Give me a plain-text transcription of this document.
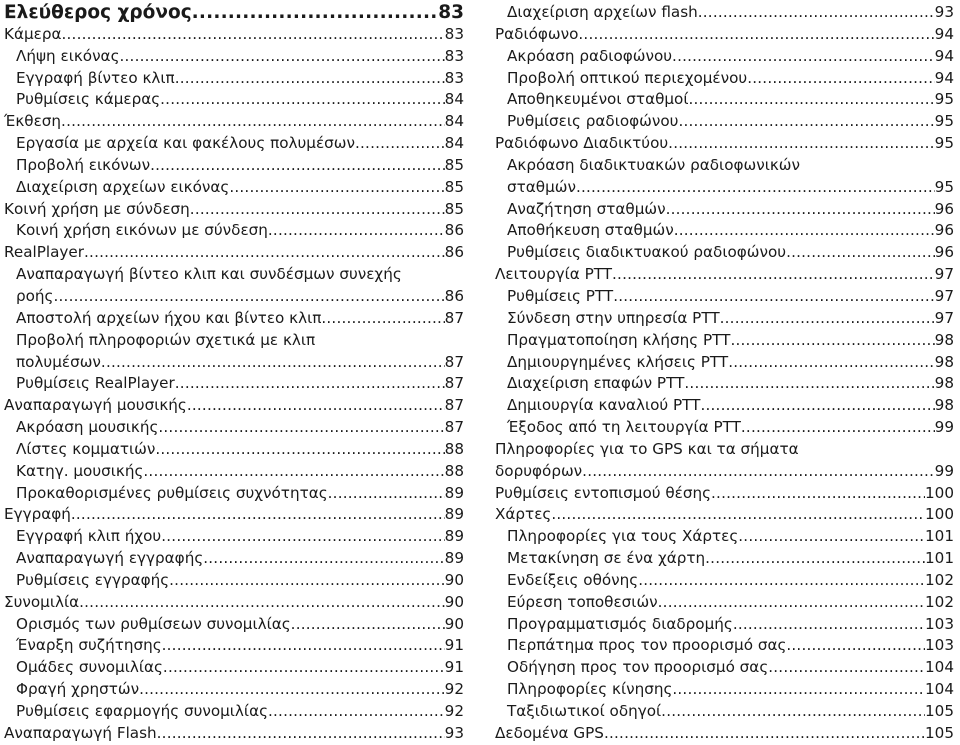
Ελεύθερος χρόνος .....	83
Κάμερα .....	83
Λήψη εικόνας .....	83
Εγγραφή βίντεο κλιπ .....	83
Ρυθμίσεις κάμερας .....	84
Έκθεση .....	84
Εργασία με αρχεία και φακέλους πολυμέσων .....	84
Προβολή εικόνων .....	85
Διαχείριση αρχείων εικόνας .....	85
Κοινή χρήση με σύνδεση .....	85
Κοινή χρήση εικόνων με σύνδεση .....	86
RealPlayer .....	86
Αναπαραγωγή βίντεο κλιπ και συνδέσμων συνεχής
ροής .....	86
Αποστολή αρχείων ήχου και βίντεο κλιπ .....	87
Προβολή πληροφοριών σχετικά με κλιπ
πολυμέσων .....	87
Ρυθμίσεις RealPlayer .....	87
Αναπαραγωγή μουσικής .....	87
Ακρόαση μουσικής .....	87
Λίστες κομματιών .....	88
Κατηγ. μουσικής .....	88
Προκαθορισμένες ρυθμίσεις συχνότητας .....	89
Εγγραφή .....	89
Εγγραφή κλιπ ήχου .....	89
Αναπαραγωγή εγγραφής .....	89
Ρυθμίσεις εγγραφής .....	90
Συνομιλία .....	90
Ορισμός των ρυθμίσεων συνομιλίας .....	90
Έναρξη συζήτησης .....	91
Ομάδες συνομιλίας .....	91
Φραγή χρηστών .....	92
Ρυθμίσεις εφαρμογής συνομιλίας .....	92
Αναπαραγωγή Flash .....	93
Διαχείριση αρχείων flash .....	93
Ραδιόφωνο .....	94
Ακρόαση ραδιοφώνου .....	94
Προβολή οπτικού περιεχομένου .....	94
Αποθηκευμένοι σταθμοί .....	95
Ρυθμίσεις ραδιοφώνου .....	95
Ραδιόφωνο Διαδικτύου .....	95
Ακρόαση διαδικτυακών ραδιοφωνικών
σταθμών .....	95
Αναζήτηση σταθμών .....	96
Αποθήκευση σταθμών .....	96
Ρυθμίσεις διαδικτυακού ραδιοφώνου .....	96
Λειτουργία PTT .....	97
Ρυθμίσεις PTT .....	97
Σύνδεση στην υπηρεσία PTT .....	97
Πραγματοποίηση κλήσης PTT .....	98
Δημιουργημένες κλήσεις PTT .....	98
Διαχείριση επαφών PTT .....	98
Δημιουργία καναλιού PTT .....	98
Έξοδος από τη λειτουργία PTT .....	99
Πληροφορίες για το GPS και τα σήματα
δορυφόρων .....	99
Ρυθμίσεις εντοπισμού θέσης .....	100
Χάρτες .....	100
Πληροφορίες για τους Χάρτες .....	101
Μετακίνηση σε ένα χάρτη .....	101
Ενδείξεις οθόνης .....	102
Εύρεση τοποθεσιών .....	102
Προγραμματισμός διαδρομής .....	103
Περπάτημα προς τον προορισμό σας .....	103
Οδήγηση προς τον προορισμό σας .....	104
Πληροφορίες κίνησης .....	104
Ταξιδιωτικοί οδηγοί .....	105
Δεδομένα GPS .....	105
